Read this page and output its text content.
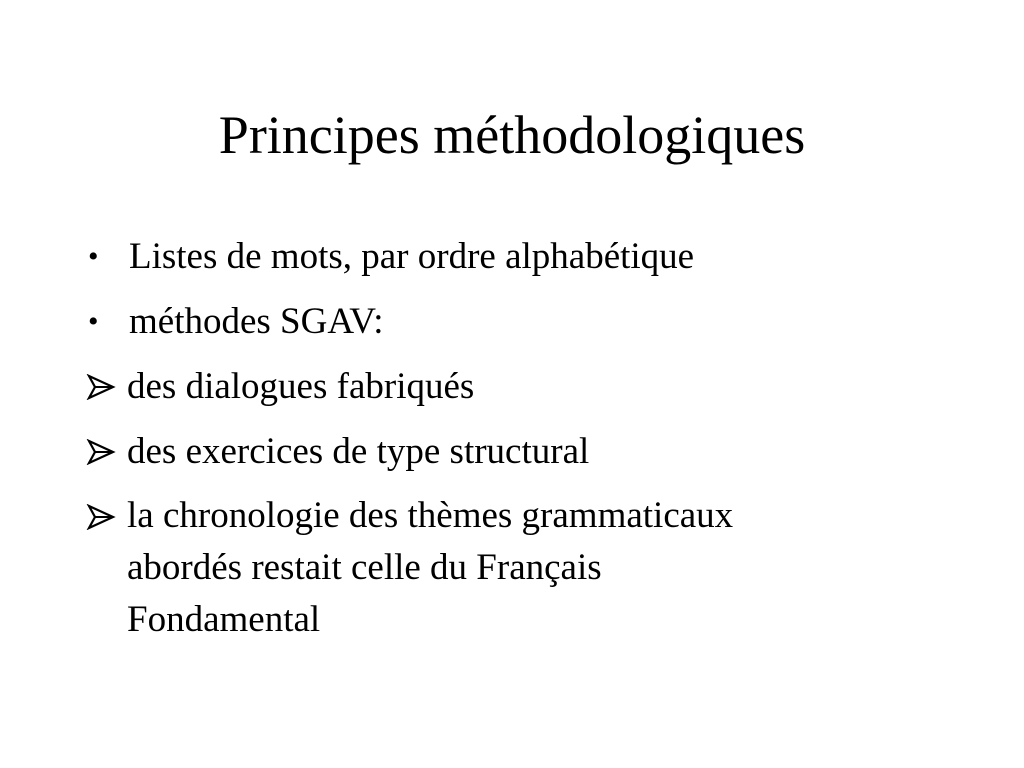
Principes méthodologiques
• Listes de mots, par ordre alphabétique
• méthodes SGAV:
des dialogues fabriqués
des exercices de type structural
la chronologie des thèmes grammaticaux
abordés restait celle du Français
Fondamental
